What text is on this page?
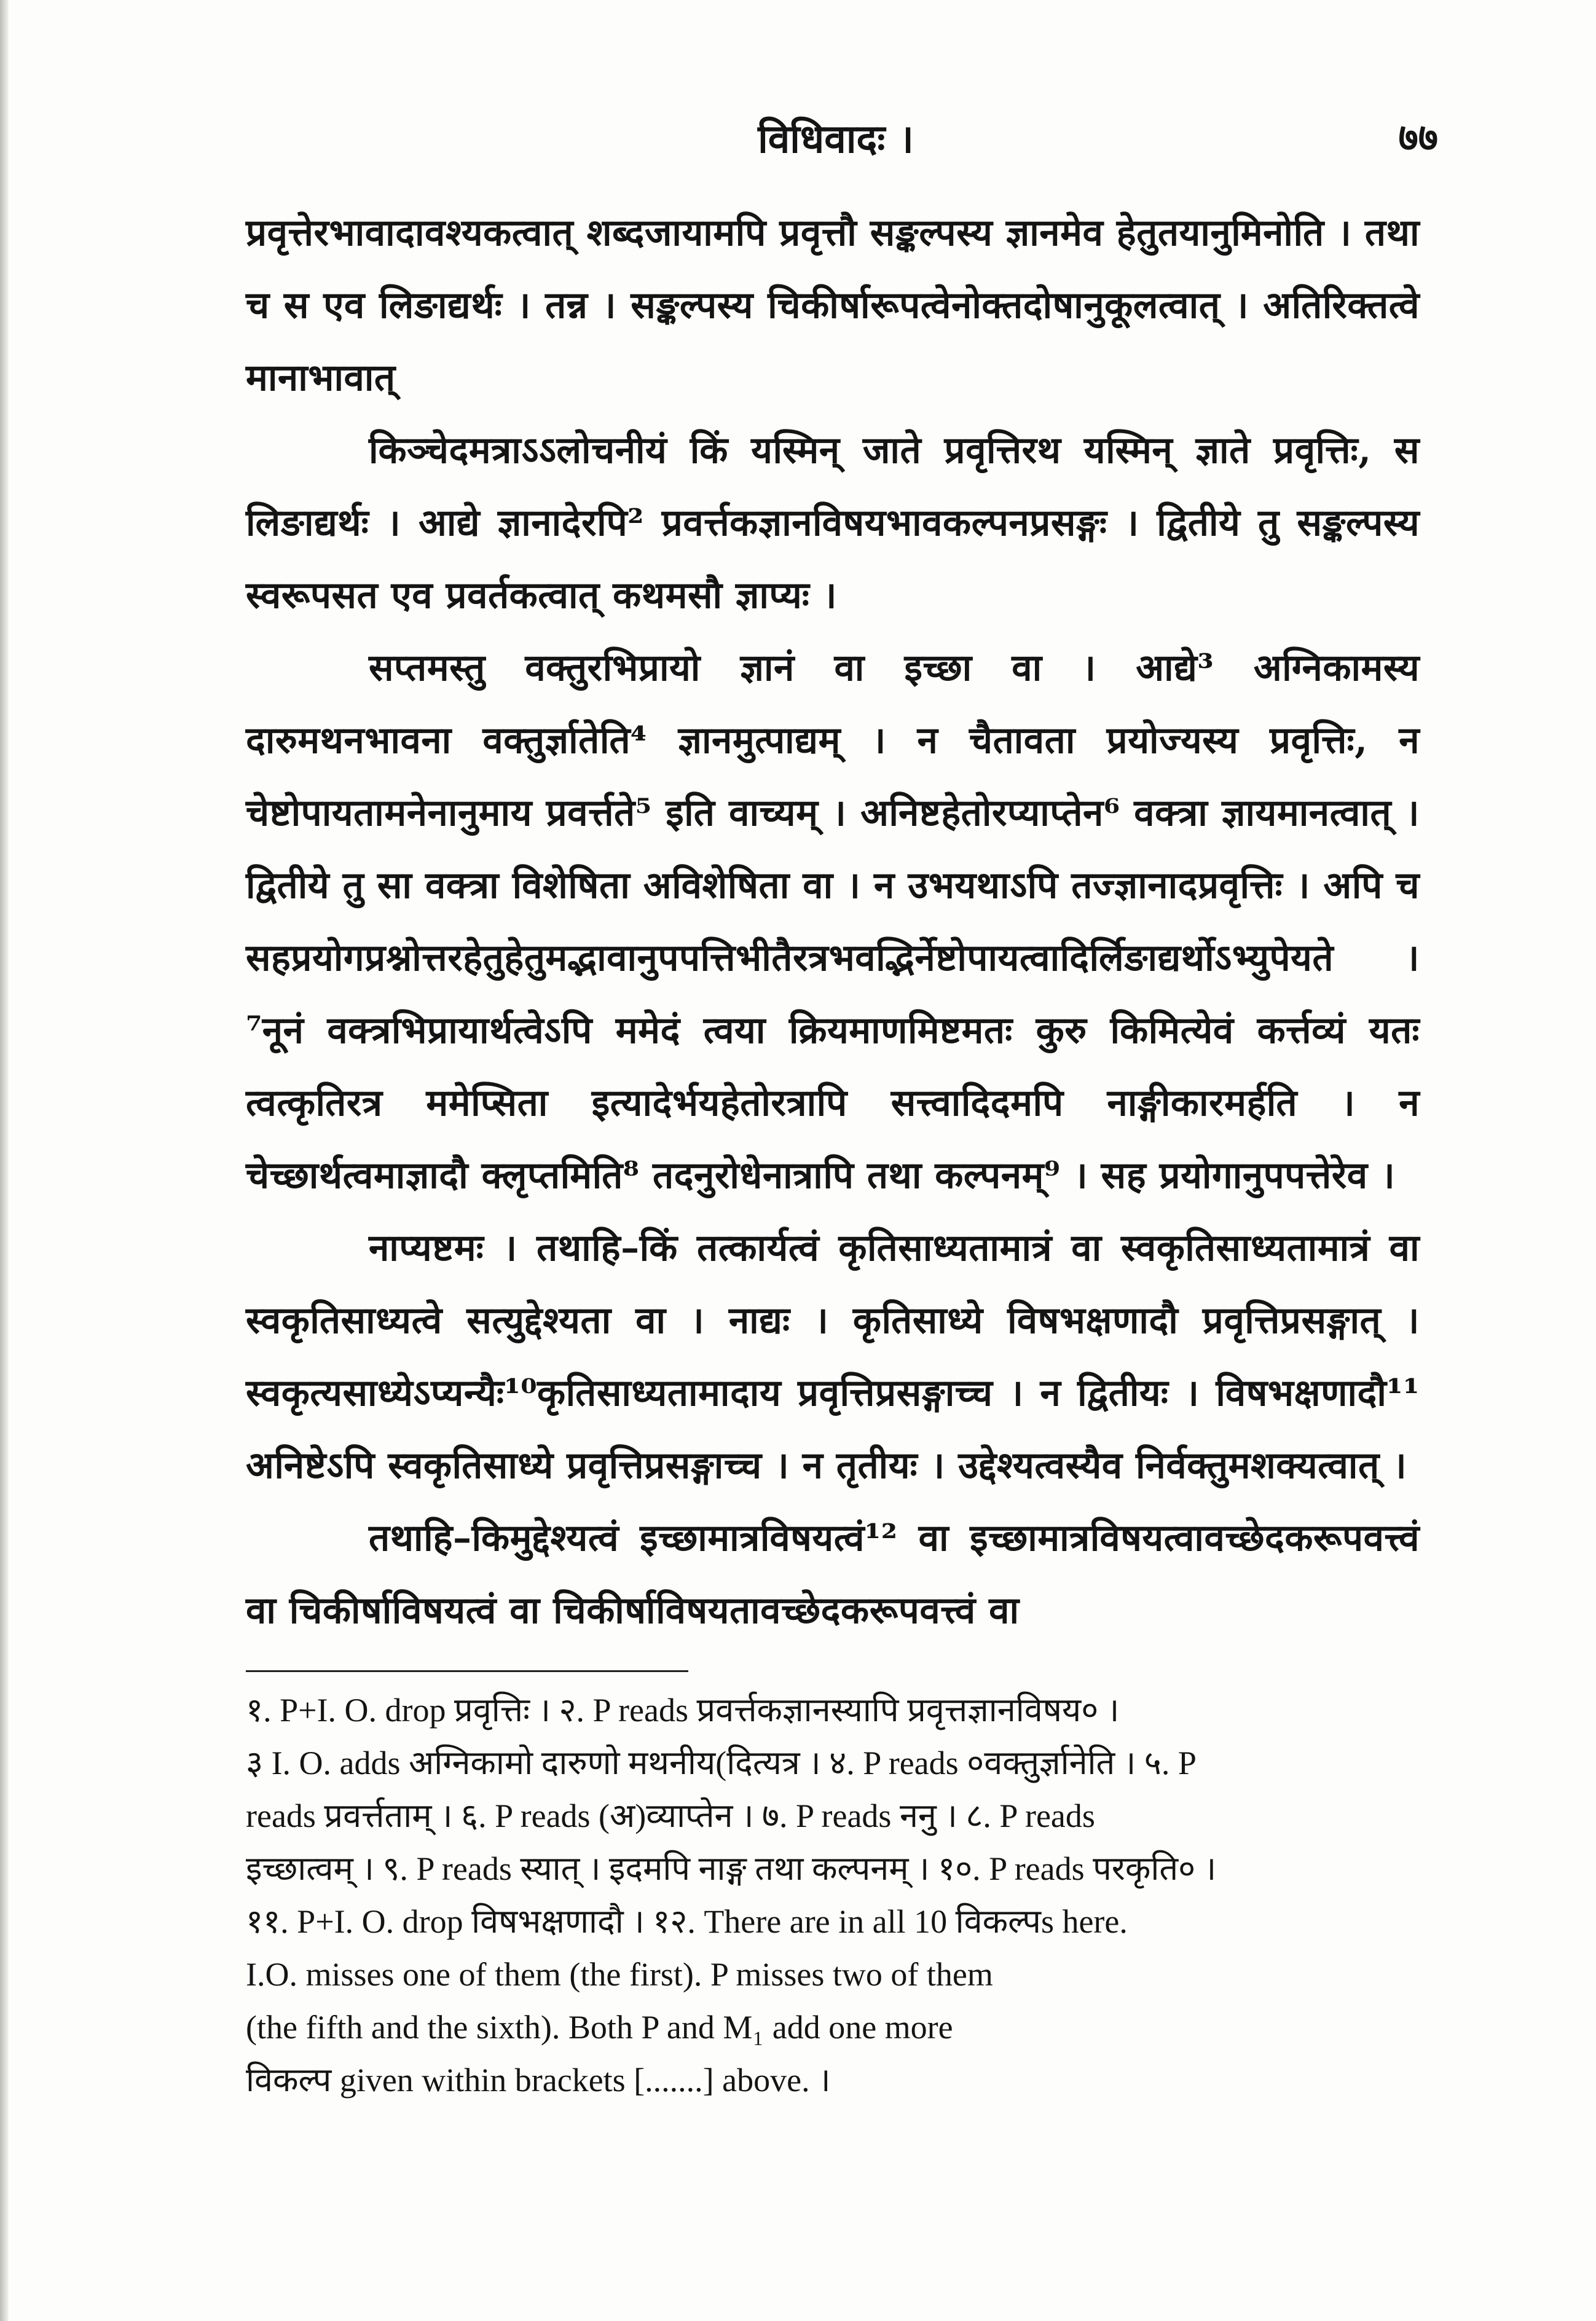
विधिवादः ।	७७

प्रवृत्तेरभावादावश्यकत्वात् शब्दजायामपि प्रवृत्तौ सङ्कल्पस्य ज्ञानमेव हेतुतयानुमिनोति । तथा च स एव लिङाद्यर्थः । तन्न । सङ्कल्पस्य चिकीर्षारूपत्वेनोक्तदोषानुकूलत्वात् । अतिरिक्तत्वे मानाभावात्

किञ्चेदमत्राऽऽलोचनीयं किं यस्मिन् जाते प्रवृत्तिरथ यस्मिन् ज्ञाते प्रवृत्तिः, स लिङाद्यर्थः । आद्ये ज्ञानादेरपि² प्रवर्त्तकज्ञानविषयभावकल्पनप्रसङ्गः । द्वितीये तु सङ्कल्पस्य स्वरूपसत एव प्रवर्तकत्वात् कथमसौ ज्ञाप्यः ।

सप्तमस्तु वक्तुरभिप्रायो ज्ञानं वा इच्छा वा । आद्ये³ अग्निकामस्य दारुमथनभावना वक्तुर्ज्ञातेति⁴ ज्ञानमुत्पाद्यम् । न चैतावता प्रयोज्यस्य प्रवृत्तिः, न चेष्टोपायतामनेनानुमाय प्रवर्त्तते⁵ इति वाच्यम् । अनिष्टहेतोरप्याप्तेन⁶ वक्त्रा ज्ञायमानत्वात् । द्वितीये तु सा वक्त्रा विशेषिता अविशेषिता वा । न उभयथाऽपि तज्ज्ञानादप्रवृत्तिः । अपि च सहप्रयोगप्रश्नोत्तरहेतुहेतुमद्भावानुपपत्तिभीतैरत्रभवद्भिर्नेष्टोपायत्वादिर्लिङाद्यर्थोऽभ्युपेयते । ⁷नूनं वक्त्रभिप्रायार्थत्वेऽपि ममेदं त्वया क्रियमाणमिष्टमतः कुरु किमित्येवं कर्त्तव्यं यतः त्वत्कृतिरत्र ममेप्सिता इत्यादेर्भयहेतोरत्रापि सत्त्वादिदमपि नाङ्गीकारमर्हति । न चेच्छार्थत्वमाज्ञादौ क्लृप्तमिति⁸ तदनुरोधेनात्रापि तथा कल्पनम्⁹ । सह प्रयोगानुपपत्तेरेव ।

नाप्यष्टमः । तथाहि–किं तत्कार्यत्वं कृतिसाध्यतामात्रं वा स्वकृतिसाध्यतामात्रं वा स्वकृतिसाध्यत्वे सत्युद्देश्यता वा । नाद्यः । कृतिसाध्ये विषभक्षणादौ प्रवृत्तिप्रसङ्गात् । स्वकृत्यसाध्येऽप्यन्यैः¹⁰कृतिसाध्यतामादाय प्रवृत्तिप्रसङ्गाच्च । न द्वितीयः । विषभक्षणादौ¹¹ अनिष्टेऽपि स्वकृतिसाध्ये प्रवृत्तिप्रसङ्गाच्च । न तृतीयः । उद्देश्यत्वस्यैव निर्वक्तुमशक्यत्वात् ।

तथाहि–किमुद्देश्यत्वं इच्छामात्रविषयत्वं¹² वा इच्छामात्रविषयत्वावच्छेदकरूपवत्त्वं वा चिकीर्षाविषयत्वं वा चिकीर्षाविषयतावच्छेदकरूपवत्त्वं वा

१. P+I. O. drop प्रवृत्तिः । २. P reads प्रवर्त्तकज्ञानस्यापि प्रवृत्तज्ञानविषय० ।

३ I. O. adds अग्निकामो दारुणो मथनीय(दित्यत्र । ४. P reads ०वक्तुर्ज्ञानेति । ५. P

reads प्रवर्त्तताम् । ६. P reads (अ)व्याप्तेन । ७. P reads ननु । ८. P reads

इच्छात्वम् । ९. P reads स्यात् । इदमपि नाङ्ग तथा कल्पनम् । १०. P reads परकृति० ।

११. P+I. O. drop विषभक्षणादौ । १२. There are in all 10 विकल्पs here.

I.O. misses one of them (the first). P misses two of them

(the fifth and the sixth). Both P and M₁ add one more

विकल्प given within brackets [.......] above. ।
